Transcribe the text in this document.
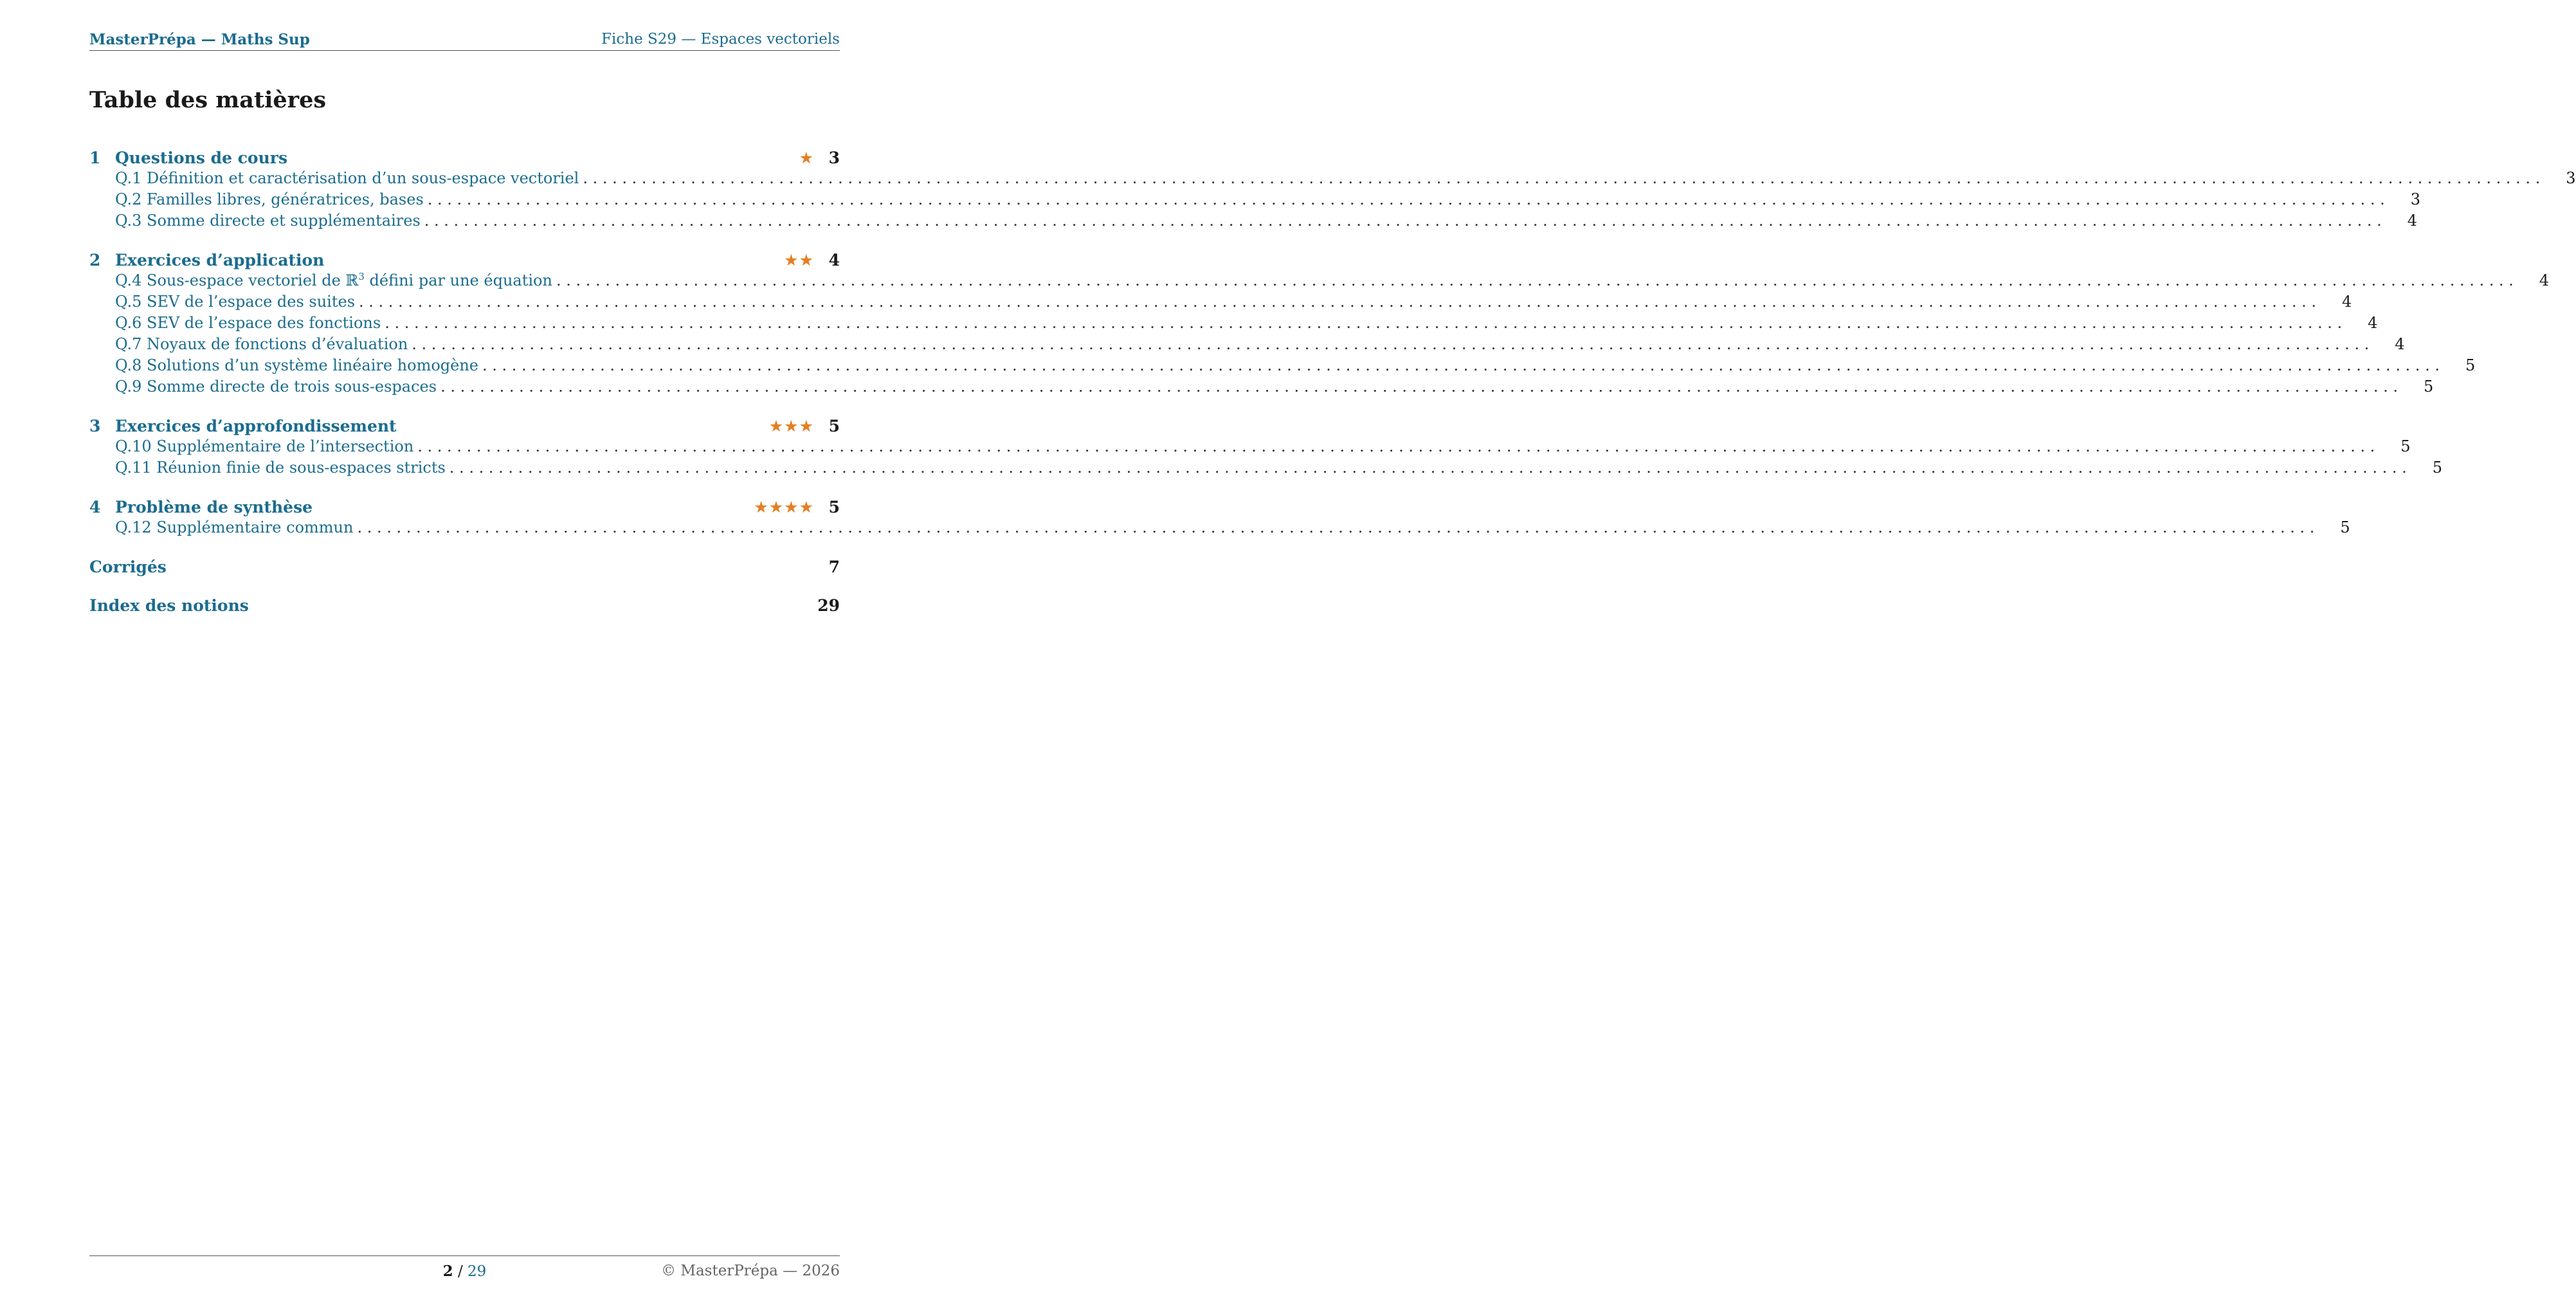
MasterPrépa — Maths Sup	Fiche S29 — Espaces vectoriels
Table des matières
1 Questions de cours	★ 3
Q.1 Définition et caractérisation d’un sous-espace vectoriel . . . . . . . . . . . . . . . . . . . . . . . . . . . . . . . . . . . . . . . . . . . . . . . . . . . . . . . . . . . . . . . . . . . . . . . . . . . . . . . . . . . . . . . . . . . . . . . . . . . . . . . . . . . . . . . . . . . . . . . . . . . . . . . . . . . . . . . . . . . . . . . . . . . . . . . . . . . . . . . . . . . . . . . . . . . . . . . . . . . . . . . . . . . . . . . . . . . . . . . . 3
Q.2 Familles libres, génératrices, bases . . . . . . . . . . . . . . . . . . . . . . . . . . . . . . . . . . . . . . . . . . . . . . . . . . . . . . . . . . . . . . . . . . . . . . . . . . . . . . . . . . . . . . . . . . . . . . . . . . . . . . . . . . . . . . . . . . . . . . . . . . . . . . . . . . . . . . . . . . . . . . . . . . . . . . . . . . . . . . . . . . . . . . . . . . . . . . . . . . . . . . . . . . . . . . . . . . . . . . . . 3
Q.3 Somme directe et supplémentaires . . . . . . . . . . . . . . . . . . . . . . . . . . . . . . . . . . . . . . . . . . . . . . . . . . . . . . . . . . . . . . . . . . . . . . . . . . . . . . . . . . . . . . . . . . . . . . . . . . . . . . . . . . . . . . . . . . . . . . . . . . . . . . . . . . . . . . . . . . . . . . . . . . . . . . . . . . . . . . . . . . . . . . . . . . . . . . . . . . . . . . . . . . . . . . . . . . . . . . . . 4
2 Exercices d’application	★★ 4
Q.4 Sous-espace vectoriel de ℝ$^3$ défini par une équation . . . . . . . . . . . . . . . . . . . . . . . . . . . . . . . . . . . . . . . . . . . . . . . . . . . . . . . . . . . . . . . . . . . . . . . . . . . . . . . . . . . . . . . . . . . . . . . . . . . . . . . . . . . . . . . . . . . . . . . . . . . . . . . . . . . . . . . . . . . . . . . . . . . . . . . . . . . . . . . . . . . . . . . . . . . . . . . . . . . . . . . . . . . . . . . . . . . . . . . . 4
Q.5 SEV de l’espace des suites . . . . . . . . . . . . . . . . . . . . . . . . . . . . . . . . . . . . . . . . . . . . . . . . . . . . . . . . . . . . . . . . . . . . . . . . . . . . . . . . . . . . . . . . . . . . . . . . . . . . . . . . . . . . . . . . . . . . . . . . . . . . . . . . . . . . . . . . . . . . . . . . . . . . . . . . . . . . . . . . . . . . . . . . . . . . . . . . . . . . . . . . . . . . . . . . . . . . . . . . 4
Q.6 SEV de l’espace des fonctions . . . . . . . . . . . . . . . . . . . . . . . . . . . . . . . . . . . . . . . . . . . . . . . . . . . . . . . . . . . . . . . . . . . . . . . . . . . . . . . . . . . . . . . . . . . . . . . . . . . . . . . . . . . . . . . . . . . . . . . . . . . . . . . . . . . . . . . . . . . . . . . . . . . . . . . . . . . . . . . . . . . . . . . . . . . . . . . . . . . . . . . . . . . . . . . . . . . . . . . . 4
Q.7 Noyaux de fonctions d’évaluation . . . . . . . . . . . . . . . . . . . . . . . . . . . . . . . . . . . . . . . . . . . . . . . . . . . . . . . . . . . . . . . . . . . . . . . . . . . . . . . . . . . . . . . . . . . . . . . . . . . . . . . . . . . . . . . . . . . . . . . . . . . . . . . . . . . . . . . . . . . . . . . . . . . . . . . . . . . . . . . . . . . . . . . . . . . . . . . . . . . . . . . . . . . . . . . . . . . . . . . . 4
Q.8 Solutions d’un système linéaire homogène . . . . . . . . . . . . . . . . . . . . . . . . . . . . . . . . . . . . . . . . . . . . . . . . . . . . . . . . . . . . . . . . . . . . . . . . . . . . . . . . . . . . . . . . . . . . . . . . . . . . . . . . . . . . . . . . . . . . . . . . . . . . . . . . . . . . . . . . . . . . . . . . . . . . . . . . . . . . . . . . . . . . . . . . . . . . . . . . . . . . . . . . . . . . . . . . . . . . . . . . 5
Q.9 Somme directe de trois sous-espaces . . . . . . . . . . . . . . . . . . . . . . . . . . . . . . . . . . . . . . . . . . . . . . . . . . . . . . . . . . . . . . . . . . . . . . . . . . . . . . . . . . . . . . . . . . . . . . . . . . . . . . . . . . . . . . . . . . . . . . . . . . . . . . . . . . . . . . . . . . . . . . . . . . . . . . . . . . . . . . . . . . . . . . . . . . . . . . . . . . . . . . . . . . . . . . . . . . . . . . . . 5
3 Exercices d’approfondissement	★★★ 5
Q.10 Supplémentaire de l’intersection . . . . . . . . . . . . . . . . . . . . . . . . . . . . . . . . . . . . . . . . . . . . . . . . . . . . . . . . . . . . . . . . . . . . . . . . . . . . . . . . . . . . . . . . . . . . . . . . . . . . . . . . . . . . . . . . . . . . . . . . . . . . . . . . . . . . . . . . . . . . . . . . . . . . . . . . . . . . . . . . . . . . . . . . . . . . . . . . . . . . . . . . . . . . . . . . . . . . . . . . 5
Q.11 Réunion finie de sous-espaces stricts . . . . . . . . . . . . . . . . . . . . . . . . . . . . . . . . . . . . . . . . . . . . . . . . . . . . . . . . . . . . . . . . . . . . . . . . . . . . . . . . . . . . . . . . . . . . . . . . . . . . . . . . . . . . . . . . . . . . . . . . . . . . . . . . . . . . . . . . . . . . . . . . . . . . . . . . . . . . . . . . . . . . . . . . . . . . . . . . . . . . . . . . . . . . . . . . . . . . . . . . 5
4 Problème de synthèse	★★★★ 5
Q.12 Supplémentaire commun . . . . . . . . . . . . . . . . . . . . . . . . . . . . . . . . . . . . . . . . . . . . . . . . . . . . . . . . . . . . . . . . . . . . . . . . . . . . . . . . . . . . . . . . . . . . . . . . . . . . . . . . . . . . . . . . . . . . . . . . . . . . . . . . . . . . . . . . . . . . . . . . . . . . . . . . . . . . . . . . . . . . . . . . . . . . . . . . . . . . . . . . . . . . . . . . . . . . . . . . 5
Corrigés	7
Index des notions	29
2 / 29	© MasterPrépa — 2026
